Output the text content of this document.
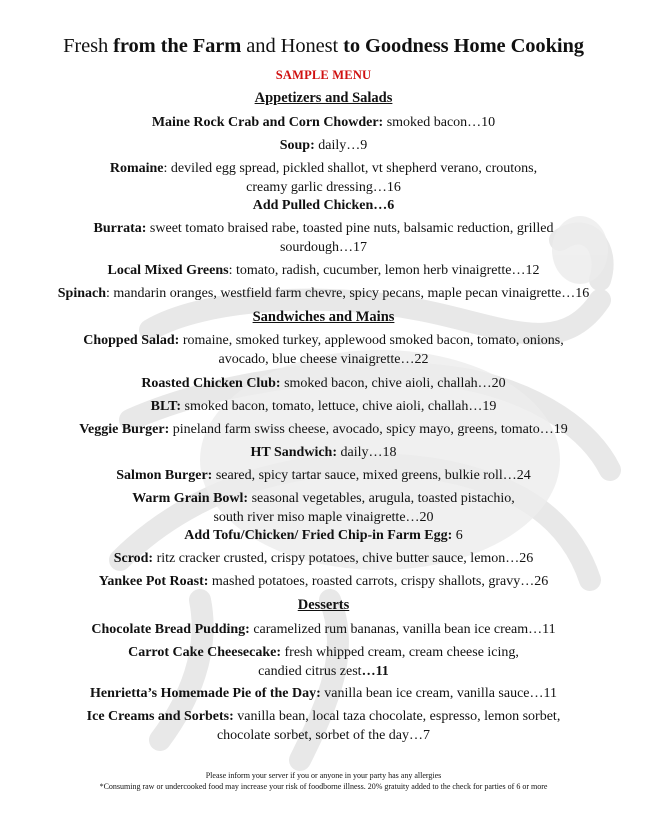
Fresh from the Farm and Honest to Goodness Home Cooking
SAMPLE MENU
Appetizers and Salads
Maine Rock Crab and Corn Chowder: smoked bacon…10
Soup: daily…9
Romaine: deviled egg spread, pickled shallot, vt shepherd verano, croutons,
creamy garlic dressing…16
Add Pulled Chicken…6
Burrata: sweet tomato braised rabe, toasted pine nuts, balsamic reduction, grilled
sourdough…17
Local Mixed Greens: tomato, radish, cucumber, lemon herb vinaigrette…12
Spinach: mandarin oranges, westfield farm chevre, spicy pecans, maple pecan vinaigrette…16
Sandwiches and Mains
Chopped Salad: romaine, smoked turkey, applewood smoked bacon, tomato, onions,
avocado, blue cheese vinaigrette…22
Roasted Chicken Club: smoked bacon, chive aioli, challah…20
BLT: smoked bacon, tomato, lettuce, chive aioli, challah…19
Veggie Burger: pineland farm swiss cheese, avocado, spicy mayo, greens, tomato…19
HT Sandwich: daily…18
Salmon Burger: seared, spicy tartar sauce, mixed greens, bulkie roll…24
Warm Grain Bowl: seasonal vegetables, arugula, toasted pistachio,
south river miso maple vinaigrette…20
Add Tofu/Chicken/ Fried Chip-in Farm Egg: 6
Scrod: ritz cracker crusted, crispy potatoes, chive butter sauce, lemon…26
Yankee Pot Roast: mashed potatoes, roasted carrots, crispy shallots, gravy…26
Desserts
Chocolate Bread Pudding: caramelized rum bananas, vanilla bean ice cream…11
Carrot Cake Cheesecake: fresh whipped cream, cream cheese icing,
candied citrus zest…11
Henrietta’s Homemade Pie of the Day: vanilla bean ice cream, vanilla sauce…11
Ice Creams and Sorbets: vanilla bean, local taza chocolate, espresso, lemon sorbet,
chocolate sorbet, sorbet of the day…7
Please inform your server if you or anyone in your party has any allergies
*Consuming raw or undercooked food may increase your risk of foodborne illness. 20% gratuity added to the check for parties of 6 or more
